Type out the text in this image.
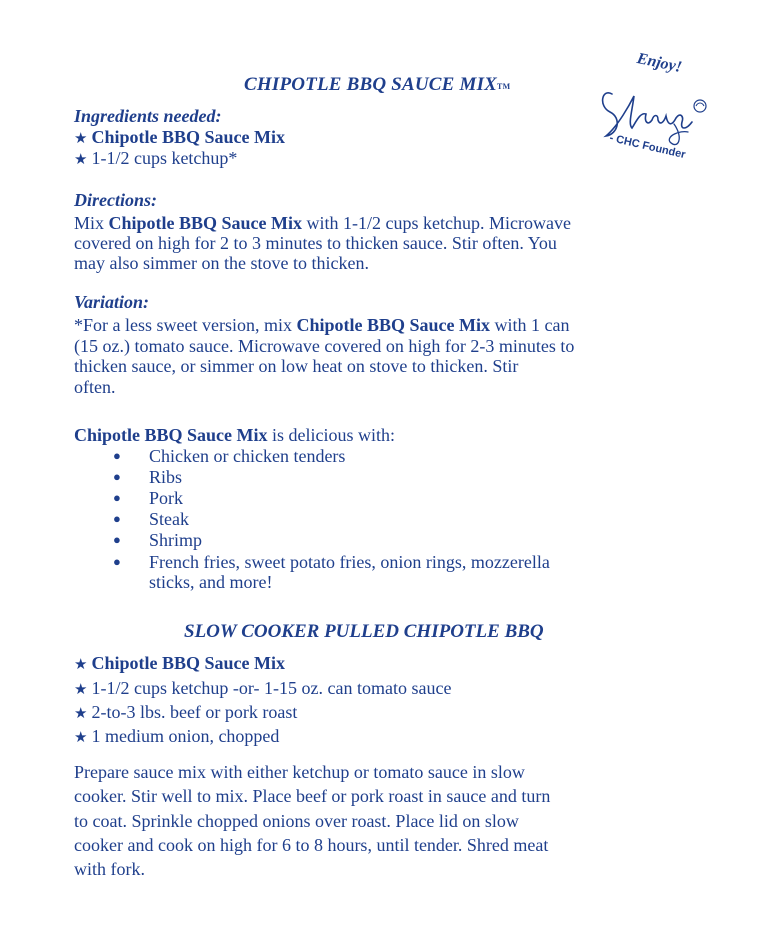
Enjoy!
- CHC Founder
CHIPOTLE BBQ SAUCE MIX™
Ingredients needed:
★ Chipotle BBQ Sauce Mix
★ 1-1/2 cups ketchup*
Directions:
Mix Chipotle BBQ Sauce Mix with 1-1/2 cups ketchup. Microwave
covered on high for 2 to 3 minutes to thicken sauce. Stir often. You
may also simmer on the stove to thicken.
Variation:
*For a less sweet version, mix Chipotle BBQ Sauce Mix with 1 can
(15 oz.) tomato sauce. Microwave covered on high for 2-3 minutes to
thicken sauce, or simmer on low heat on stove to thicken. Stir
often.
Chipotle BBQ Sauce Mix is delicious with:
● Chicken or chicken tenders
● Ribs
● Pork
● Steak
● Shrimp
● French fries, sweet potato fries, onion rings, mozzerella
sticks, and more!
SLOW COOKER PULLED CHIPOTLE BBQ
★ Chipotle BBQ Sauce Mix
★ 1-1/2 cups ketchup -or- 1-15 oz. can tomato sauce
★ 2-to-3 lbs. beef or pork roast
★ 1 medium onion, chopped
Prepare sauce mix with either ketchup or tomato sauce in slow
cooker. Stir well to mix. Place beef or pork roast in sauce and turn
to coat. Sprinkle chopped onions over roast. Place lid on slow
cooker and cook on high for 6 to 8 hours, until tender. Shred meat
with fork.
